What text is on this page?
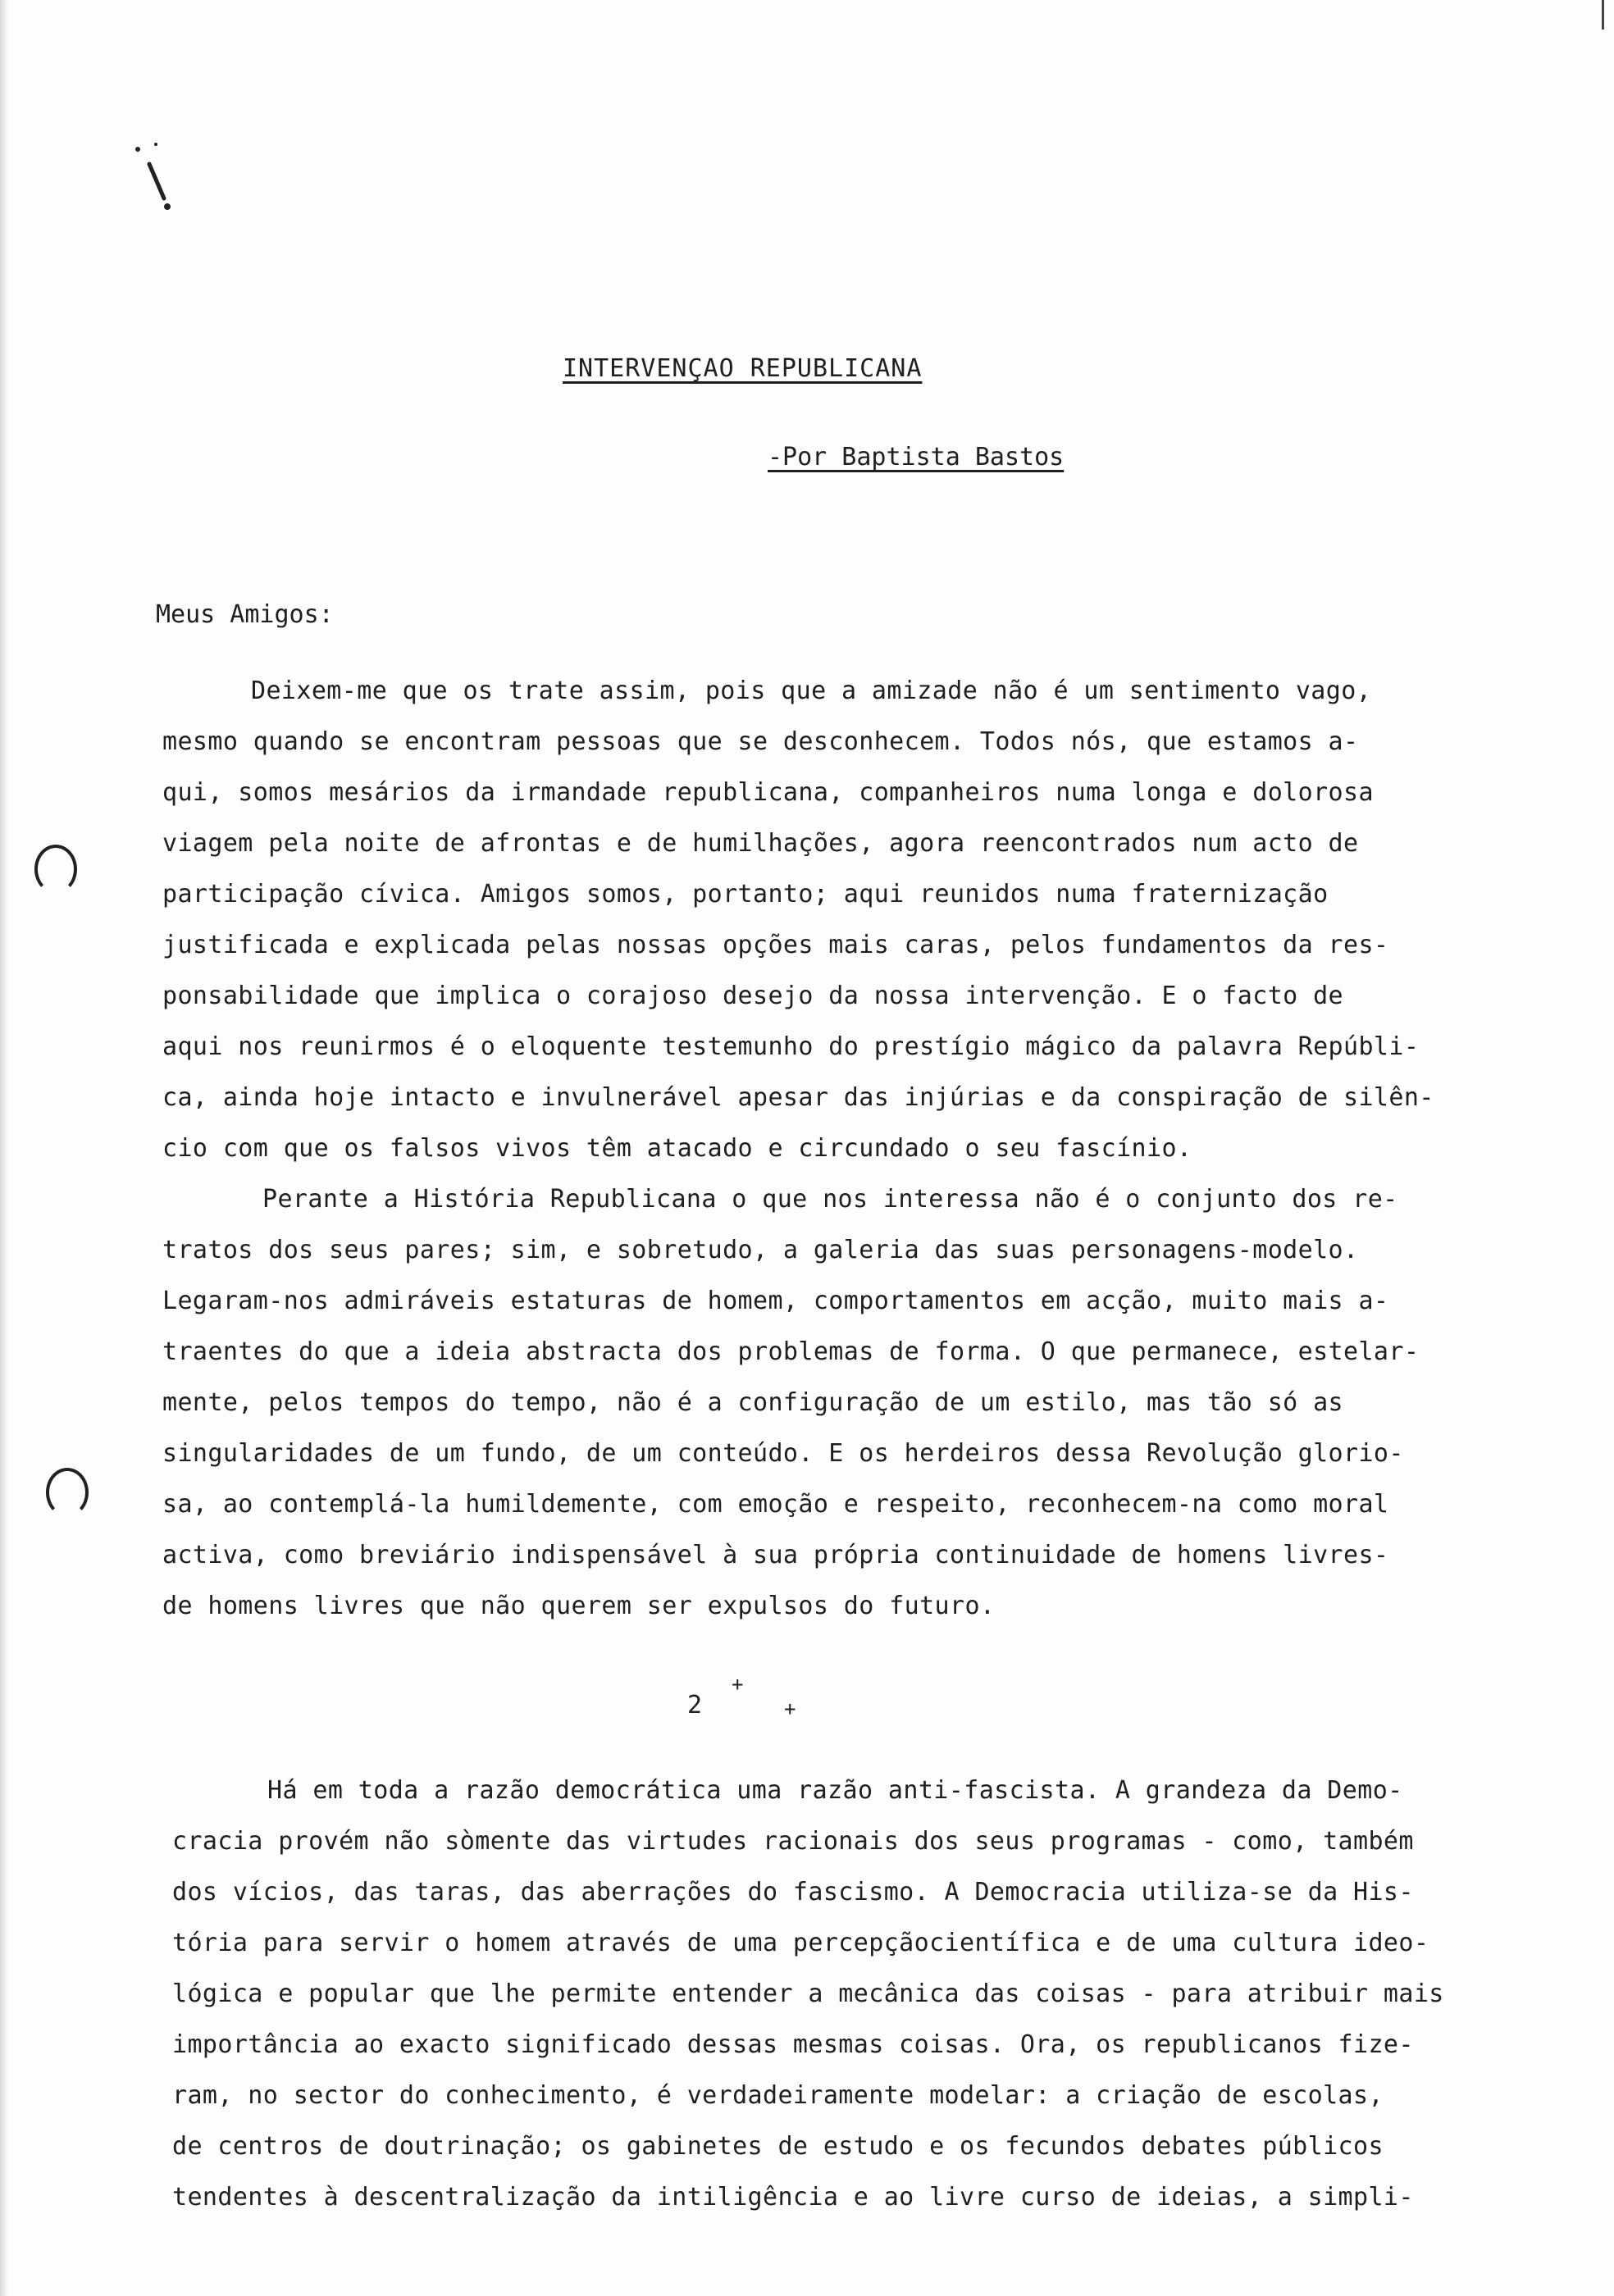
INTERVENÇAO REPUBLICANA
-Por Baptista Bastos
Meus Amigos:
Deixem-me que os trate assim, pois que a amizade não é um sentimento vago,
mesmo quando se encontram pessoas que se desconhecem. Todos nós, que estamos a-
qui, somos mesários da irmandade republicana, companheiros numa longa e dolorosa
viagem pela noite de afrontas e de humilhações, agora reencontrados num acto de
participação cívica. Amigos somos, portanto; aqui reunidos numa fraternização
justificada e explicada pelas nossas opções mais caras, pelos fundamentos da res-
ponsabilidade que implica o corajoso desejo da nossa intervenção. E o facto de
aqui nos reunirmos é o eloquente testemunho do prestígio mágico da palavra Repúbli-
ca, ainda hoje intacto e invulnerável apesar das injúrias e da conspiração de silên-
cio com que os falsos vivos têm atacado e circundado o seu fascínio.
Perante a História Republicana o que nos interessa não é o conjunto dos re-
tratos dos seus pares; sim, e sobretudo, a galeria das suas personagens-modelo.
Legaram-nos admiráveis estaturas de homem, comportamentos em acção, muito mais a-
traentes do que a ideia abstracta dos problemas de forma. O que permanece, estelar-
mente, pelos tempos do tempo, não é a configuração de um estilo, mas tão só as
singularidades de um fundo, de um conteúdo. E os herdeiros dessa Revolução glorio-
sa, ao contemplá-la humildemente, com emoção e respeito, reconhecem-na como moral
activa, como breviário indispensável à sua própria continuidade de homens livres-
de homens livres que não querem ser expulsos do futuro.
2
+
+
Há em toda a razão democrática uma razão anti-fascista. A grandeza da Demo-
cracia provém não sòmente das virtudes racionais dos seus programas - como, também
dos vícios, das taras, das aberrações do fascismo. A Democracia utiliza-se da His-
tória para servir o homem através de uma percepçãocientífica e de uma cultura ideo-
lógica e popular que lhe permite entender a mecânica das coisas - para atribuir mais
importância ao exacto significado dessas mesmas coisas. Ora, os republicanos fize-
ram, no sector do conhecimento, é verdadeiramente modelar: a criação de escolas,
de centros de doutrinação; os gabinetes de estudo e os fecundos debates públicos
tendentes à descentralização da intiligência e ao livre curso de ideias, a simpli-
